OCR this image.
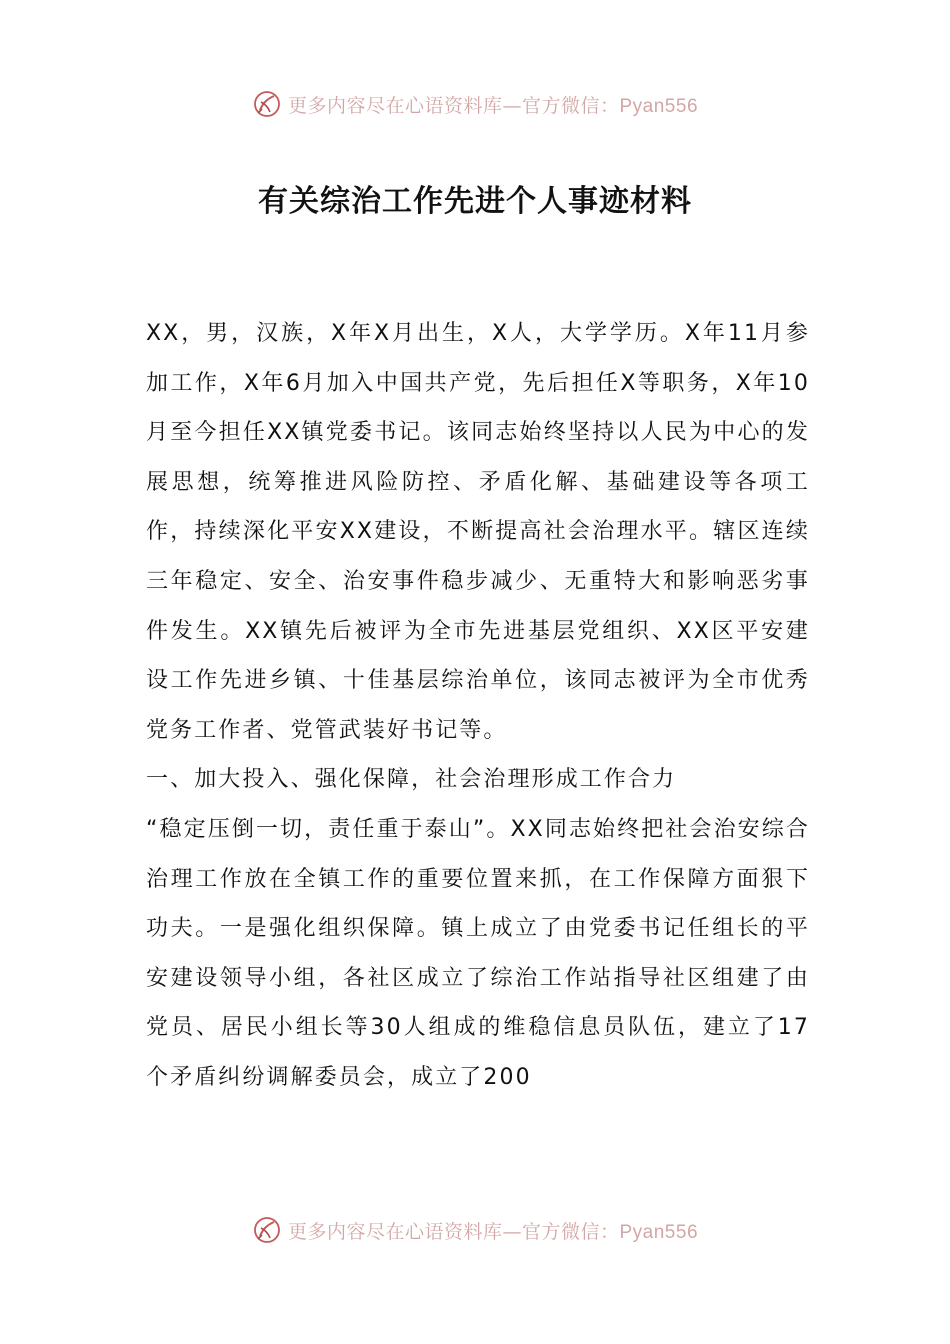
更多内容尽在心语资料库—官方微信：Pyan556
有关综治工作先进个人事迹材料

XX，男，汉族，X年X月出生，X人，大学学历。X年11月参加工作，X年6月加入中国共产党，先后担任X等职务，X年10月至今担任XX镇党委书记。该同志始终坚持以人民为中心的发展思想，统筹推进风险防控、矛盾化解、基础建设等各项工作，持续深化平安XX建设，不断提高社会治理水平。辖区连续三年稳定、安全、治安事件稳步减少、无重特大和影响恶劣事件发生。XX镇先后被评为全市先进基层党组织、XX区平安建设工作先进乡镇、十佳基层综治单位，该同志被评为全市优秀党务工作者、党管武装好书记等。

一、加大投入、强化保障，社会治理形成工作合力

“稳定压倒一切，责任重于泰山”。XX同志始终把社会治安综合治理工作放在全镇工作的重要位置来抓，在工作保障方面狠下功夫。一是强化组织保障。镇上成立了由党委书记任组长的平安建设领导小组，各社区成立了综治工作站指导社区组建了由党员、居民小组长等30人组成的维稳信息员队伍，建立了17个矛盾纠纷调解委员会，成立了200

更多内容尽在心语资料库—官方微信：Pyan556
